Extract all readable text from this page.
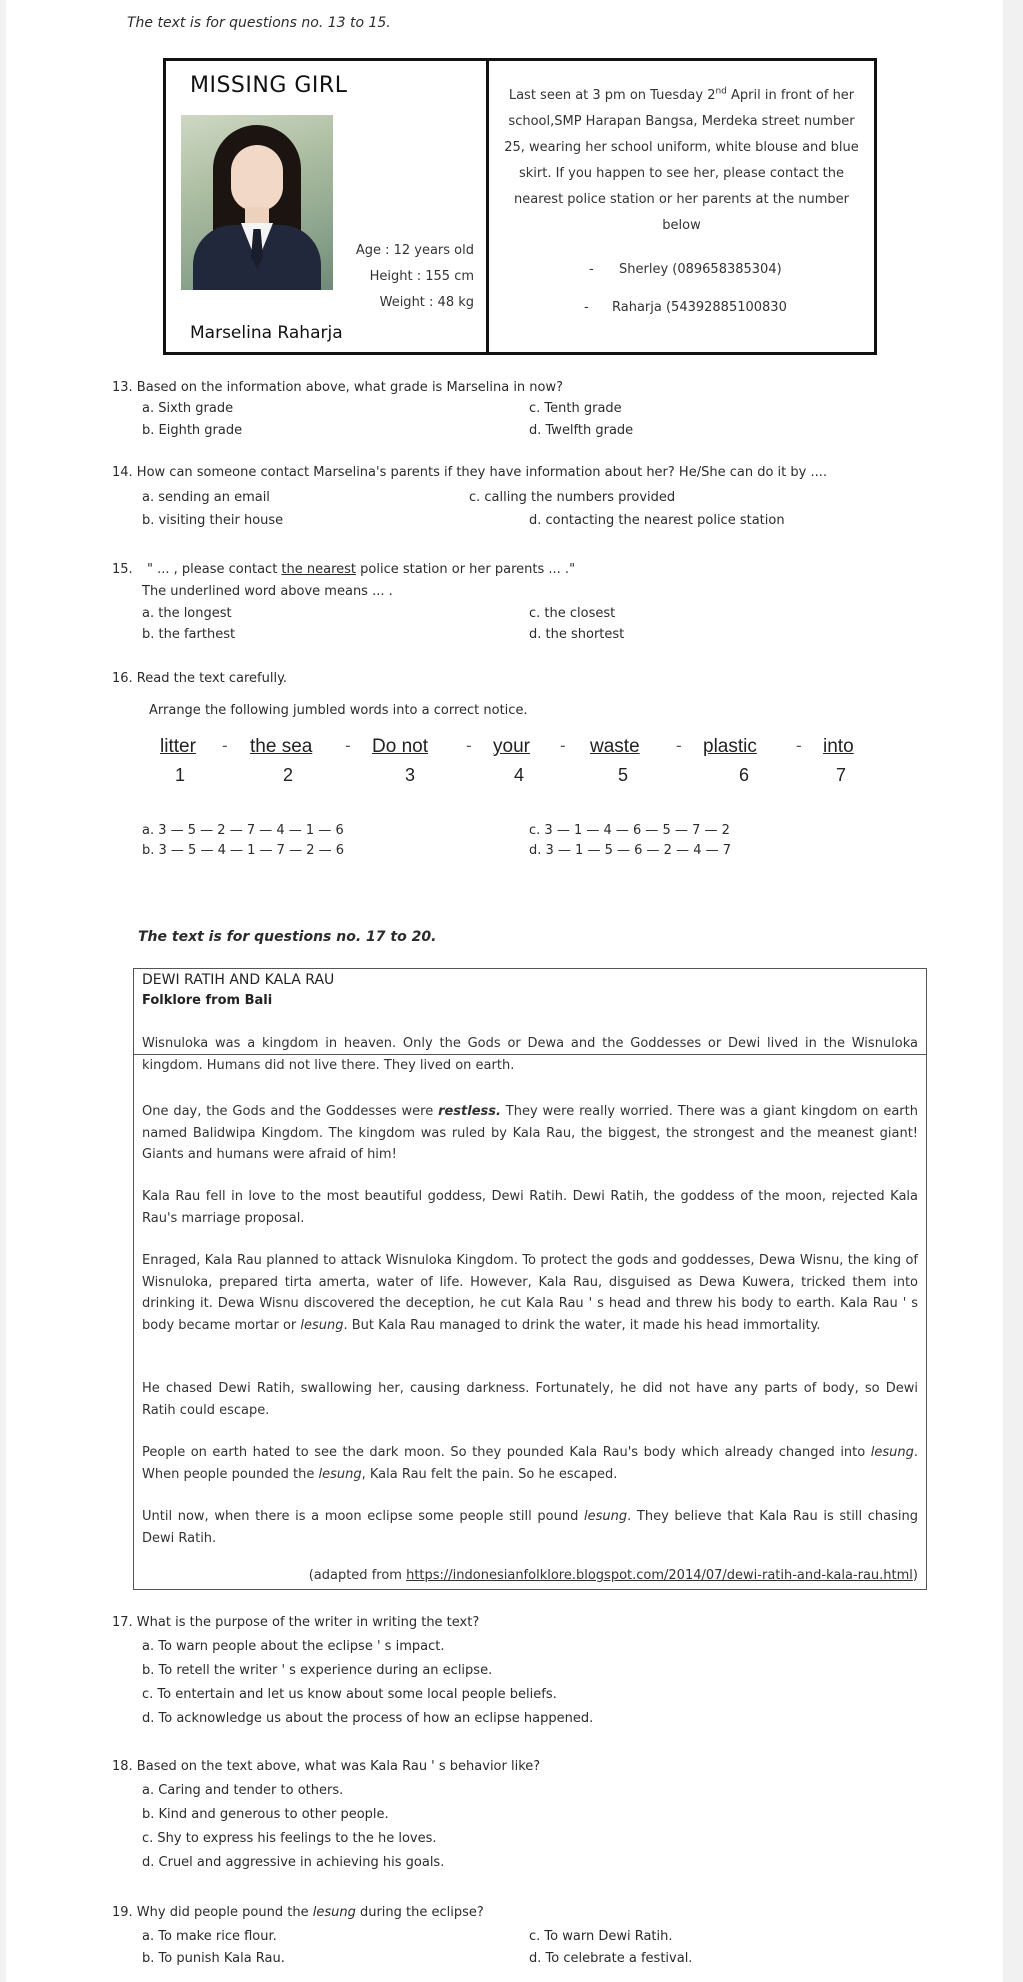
The text is for questions no. 13 to 15.
MISSING GIRL
Age : 12 years old
Height : 155 cm
Weight : 48 kg
Marselina Raharja
Last seen at 3 pm on Tuesday 2nd April in front of her school,SMP Harapan Bangsa, Merdeka street number 25, wearing her school uniform, white blouse and blue skirt. If you happen to see her, please contact the nearest police station or her parents at the number below
- Sherley (089658385304)
- Raharja (54392885100830
13. Based on the information above, what grade is Marselina in now?
a. Sixth grade
b. Eighth grade
c. Tenth grade
d. Twelfth grade
14. How can someone contact Marselina's parents if they have information about her? He/She can do it by ....
a. sending an email
b. visiting their house
c. calling the numbers provided
d. contacting the nearest police station
15. " ... , please contact the nearest police station or her parents ... ."
The underlined word above means ... .
a. the longest
b. the farthest
c. the closest
d. the shortest
16. Read the text carefully.
Arrange the following jumbled words into a correct notice.
litter - the sea - Do not - your - waste - plastic - into
1	2	3	4	5	6	7
a. 3 — 5 — 2 — 7 — 4 — 1 — 6
b. 3 — 5 — 4 — 1 — 7 — 2 — 6
c. 3 — 1 — 4 — 6 — 5 — 7 — 2
d. 3 — 1 — 5 — 6 — 2 — 4 — 7
The text is for questions no. 17 to 20.
DEWI RATIH AND KALA RAU
Folklore from Bali
Wisnuloka was a kingdom in heaven. Only the Gods or Dewa and the Goddesses or Dewi lived in the Wisnuloka kingdom. Humans did not live there. They lived on earth.
One day, the Gods and the Goddesses were restless. They were really worried. There was a giant kingdom on earth named Balidwipa Kingdom. The kingdom was ruled by Kala Rau, the biggest, the strongest and the meanest giant! Giants and humans were afraid of him!
Kala Rau fell in love to the most beautiful goddess, Dewi Ratih. Dewi Ratih, the goddess of the moon, rejected Kala Rau's marriage proposal.
Enraged, Kala Rau planned to attack Wisnuloka Kingdom. To protect the gods and goddesses, Dewa Wisnu, the king of Wisnuloka, prepared tirta amerta, water of life. However, Kala Rau, disguised as Dewa Kuwera, tricked them into drinking it. Dewa Wisnu discovered the deception, he cut Kala Rau ' s head and threw his body to earth. Kala Rau ' s body became mortar or lesung. But Kala Rau managed to drink the water, it made his head immortality.
He chased Dewi Ratih, swallowing her, causing darkness. Fortunately, he did not have any parts of body, so Dewi Ratih could escape.
People on earth hated to see the dark moon. So they pounded Kala Rau's body which already changed into lesung. When people pounded the lesung, Kala Rau felt the pain. So he escaped.
Until now, when there is a moon eclipse some people still pound lesung. They believe that Kala Rau is still chasing Dewi Ratih.
(adapted from https://indonesianfolklore.blogspot.com/2014/07/dewi-ratih-and-kala-rau.html)
17. What is the purpose of the writer in writing the text?
a. To warn people about the eclipse ' s impact.
b. To retell the writer ' s experience during an eclipse.
c. To entertain and let us know about some local people beliefs.
d. To acknowledge us about the process of how an eclipse happened.
18. Based on the text above, what was Kala Rau ' s behavior like?
a. Caring and tender to others.
b. Kind and generous to other people.
c. Shy to express his feelings to the he loves.
d. Cruel and aggressive in achieving his goals.
19. Why did people pound the lesung during the eclipse?
a. To make rice flour.
b. To punish Kala Rau.
c. To warn Dewi Ratih.
d. To celebrate a festival.
